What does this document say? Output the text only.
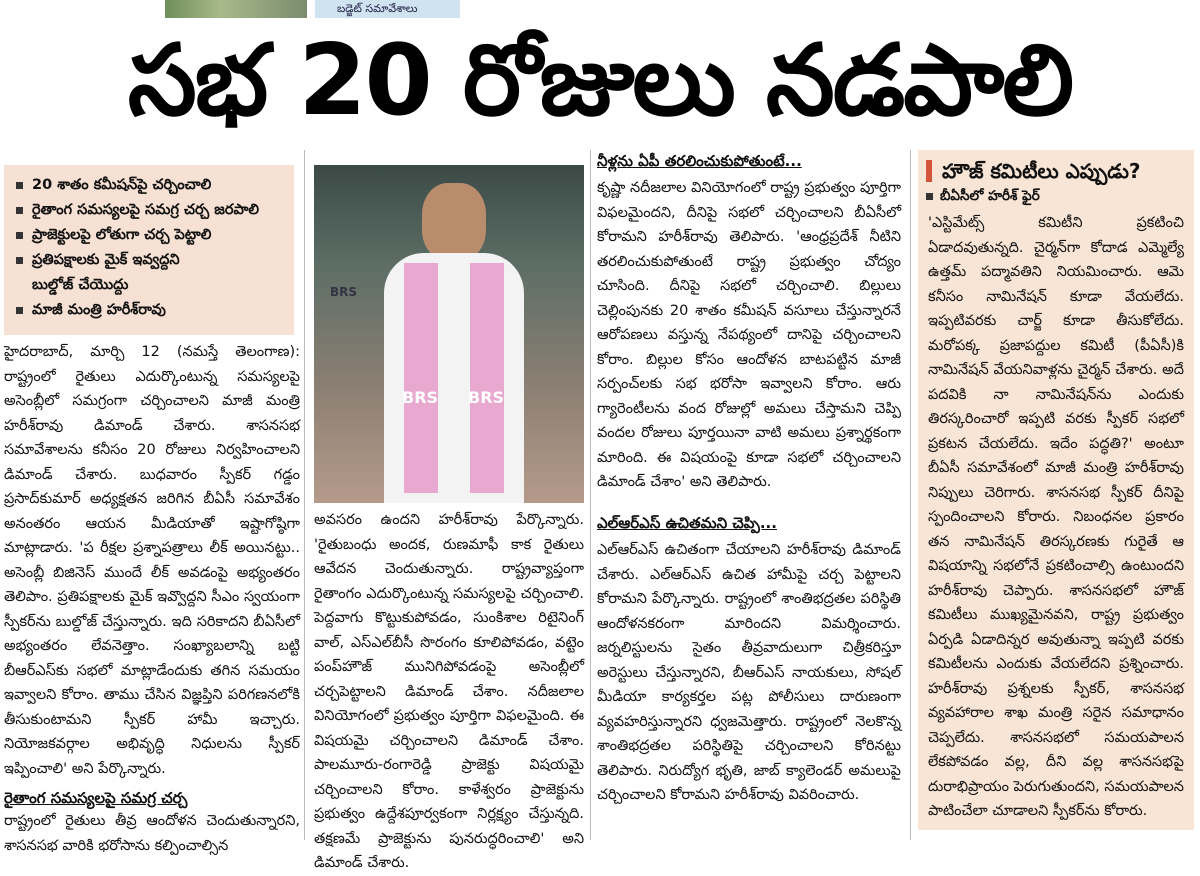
బడ్జెట్ సమావేశాలు
సభ 20 రోజులు నడపాలి
20 శాతం కమీషన్‌పై చర్చించాలి
రైతాంగ సమస్యలపై సమగ్ర చర్చ జరపాలి
ప్రాజెక్టులపై లోతుగా చర్చ పెట్టాలి
ప్రతిపక్షాలకు మైక్ ఇవ్వద్దని
బుల్డోజ్ చేయొద్దు
మాజీ మంత్రి హరీశ్‌రావు
BRS BRS
BRS

హైదరాబాద్, మార్చి 12 (నమస్తే తెలంగాణ): రాష్ట్రంలో రైతులు ఎదుర్కొంటున్న సమస్యలపై అసెంబ్లీలో సమగ్రంగా చర్చించాలని మాజీ మంత్రి హరీశ్‌రావు డిమాండ్ చేశారు. శాసనసభ సమావేశాలను కనీసం 20 రోజులు నిర్వహించాలని డిమాండ్ చేశారు. బుధవారం స్పీకర్ గడ్డం ప్రసాద్‌కుమార్ అధ్యక్షతన జరిగిన బీఏసీ సమావేశం అనంతరం ఆయన మీడియాతో ఇష్టాగోష్ఠిగా మాట్లాడారు. 'ప రీక్షల ప్రశ్నాపత్రాలు లీక్ అయినట్టు.. అసెంబ్లీ బిజినెస్ ముందే లీక్ అవడంపై అభ్యంతరం తెలిపాం. ప్రతిపక్షాలకు మైక్ ఇవ్వొద్దని సీఎం స్వయంగా స్పీకర్‌ను బుల్డోజ్ చేస్తున్నారు. ఇది సరికాదని బీఏసీలో అభ్యంతరం లేవనెత్తాం. సంఖ్యాబలాన్ని బట్టి బీఆర్‌ఎస్‌కు సభలో మాట్లాడేందుకు తగిన సమయం ఇవ్వాలని కోరాం. తాము చేసిన విజ్ఞప్తిని పరిగణనలోకి తీసుకుంటామని స్పీకర్ హామీ ఇచ్చారు. నియోజకవర్గాల అభివృద్ధి నిధులను స్పీకర్ ఇప్పించాలి' అని పేర్కొన్నారు.

రైతాంగ సమస్యలపై సమగ్ర చర్చ

రాష్ట్రంలో రైతులు తీవ్ర ఆందోళన చెందుతున్నారని, శాసనసభ వారికి భరోసాను కల్పించాల్సిన

అవసరం ఉందని హరీశ్‌రావు పేర్కొన్నారు. 'రైతుబంధు అందక, రుణమాఫీ కాక రైతులు ఆవేదన చెందుతున్నారు. రాష్ట్రవ్యాప్తంగా రైతాంగం ఎదుర్కొంటున్న సమస్యలపై చర్చించాలి. పెద్దవాగు కొట్టుకుపోవడం, సుంకిశాల రిటైనింగ్ వాల్, ఎస్‌ఎల్‌బీసీ సొరంగం కూలిపోవడం, వట్టెం పంప్‌హౌజ్ మునిగిపోవడంపై అసెంబ్లీలో చర్చపెట్టాలని డిమాండ్ చేశాం. నదీజలాల వినియోగంలో ప్రభుత్వం పూర్తిగా విఫలమైంది. ఈ విషయమై చర్చించాలని డిమాండ్ చేశాం. పాలమూరు-రంగారెడ్డి ప్రాజెక్టు విషయమై చర్చించాలని కోరాం. కాళేశ్వరం ప్రాజెక్టును ప్రభుత్వం ఉద్దేశపూర్వకంగా నిర్లక్ష్యం చేస్తున్నది. తక్షణమే ప్రాజెక్టును పునరుద్ధరించాలి' అని డిమాండ్ చేశారు.

నీళ్లను ఏపీ తరలించుకుపోతుంటే...

కృష్ణా నదీజలాల వినియోగంలో రాష్ట్ర ప్రభుత్వం పూర్తిగా విఫలమైందని, దీనిపై సభలో చర్చించాలని బీఏసీలో కోరామని హరీశ్‌రావు తెలిపారు. 'ఆంధ్రప్రదేశ్ నీటిని తరలించుకుపోతుంటే రాష్ట్ర ప్రభుత్వం చోద్యం చూసింది. దీనిపై సభలో చర్చించాలి. బిల్లులు చెల్లింపునకు 20 శాతం కమీషన్ వసూలు చేస్తున్నారనే ఆరోపణలు వస్తున్న నేపథ్యంలో దానిపై చర్చించాలని కోరాం. బిల్లుల కోసం ఆందోళన బాటపట్టిన మాజీ సర్పంచ్‌లకు సభ భరోసా ఇవ్వాలని కోరాం. ఆరు గ్యారెంటీలను వంద రోజుల్లో అమలు చేస్తామని చెప్పి వందల రోజులు పూర్తయినా వాటి అమలు ప్రశ్నార్థకంగా మారింది. ఈ విషయంపై కూడా సభలో చర్చించాలని డిమాండ్ చేశాం' అని తెలిపారు.

ఎల్‌ఆర్‌ఎస్ ఉచితమని చెప్పి...

ఎల్‌ఆర్‌ఎస్ ఉచితంగా చేయాలని హరీశ్‌రావు డిమాండ్ చేశారు. ఎల్‌ఆర్‌ఎస్ ఉచిత హామీపై చర్చ పెట్టాలని కోరామని పేర్కొన్నారు. రాష్ట్రంలో శాంతిభద్రతల పరిస్థితి ఆందోళనకరంగా మారిందని విమర్శించారు. జర్నలిస్టులను సైతం తీవ్రవాదులుగా చిత్రీకరిస్తూ అరెస్టులు చేస్తున్నారని, బీఆర్‌ఎస్ నాయకులు, సోషల్ మీడియా కార్యకర్తల పట్ల పోలీసులు దారుణంగా వ్యవహరిస్తున్నారని ధ్వజమెత్తారు. రాష్ట్రంలో నెలకొన్న శాంతిభద్రతల పరిస్థితిపై చర్చించాలని కోరినట్టు తెలిపారు. నిరుద్యోగ భృతి, జాబ్ క్యాలెండర్ అమలుపై చర్చించాలని కోరామని హరీశ్‌రావు వివరించారు.

హౌజ్ కమిటీలు ఎప్పుడు?
బీఏసీలో హరీశ్ ఫైర్

'ఎస్టిమేట్స్ కమిటీని ప్రకటించి ఏడాదవుతున్నది. చైర్మన్‌గా కోదాడ ఎమ్మెల్యే ఉత్తమ్ పద్మావతిని నియమించారు. ఆమె కనీసం నామినేషన్ కూడా వేయలేదు. ఇప్పటివరకు చార్జ్ కూడా తీసుకోలేదు. మరోపక్క ప్రజాపద్దుల కమిటీ (పీఏసీ)కి నామినేషన్ వేయనివాళ్లను చైర్మన్ చేశారు. అదే పదవికి నా నామినేషన్‌ను ఎందుకు తిరస్కరించారో ఇప్పటి వరకు స్పీకర్ సభలో ప్రకటన చేయలేదు. ఇదేం పద్ధతి?' అంటూ బీఏసీ సమావేశంలో మాజీ మంత్రి హరీశ్‌రావు నిప్పులు చెరిగారు. శాసనసభ స్పీకర్ దీనిపై స్పందించాలని కోరారు. నిబంధనల ప్రకారం తన నామినేషన్ తిరస్కరణకు గురైతే ఆ విషయాన్ని సభలోనే ప్రకటించాల్సి ఉంటుందని హరీశ్‌రావు చెప్పారు. శాసనసభలో హౌజ్ కమిటీలు ముఖ్యమైనవని, రాష్ట్ర ప్రభుత్వం ఏర్పడి ఏడాదిన్నర అవుతున్నా ఇప్పటి వరకు కమిటీలను ఎందుకు వేయలేదని ప్రశ్నించారు. హరీశ్‌రావు ప్రశ్నలకు స్పీకర్, శాసనసభ వ్యవహారాల శాఖ మంత్రి సరైన సమాధానం చెప్పలేదు. శాసనసభలో సమయపాలన లేకపోవడం వల్ల, దీని వల్ల శాసనసభపై దురాభిప్రాయం పెరుగుతుందని, సమయపాలన పాటించేలా చూడాలని స్పీకర్‌ను కోరారు.
